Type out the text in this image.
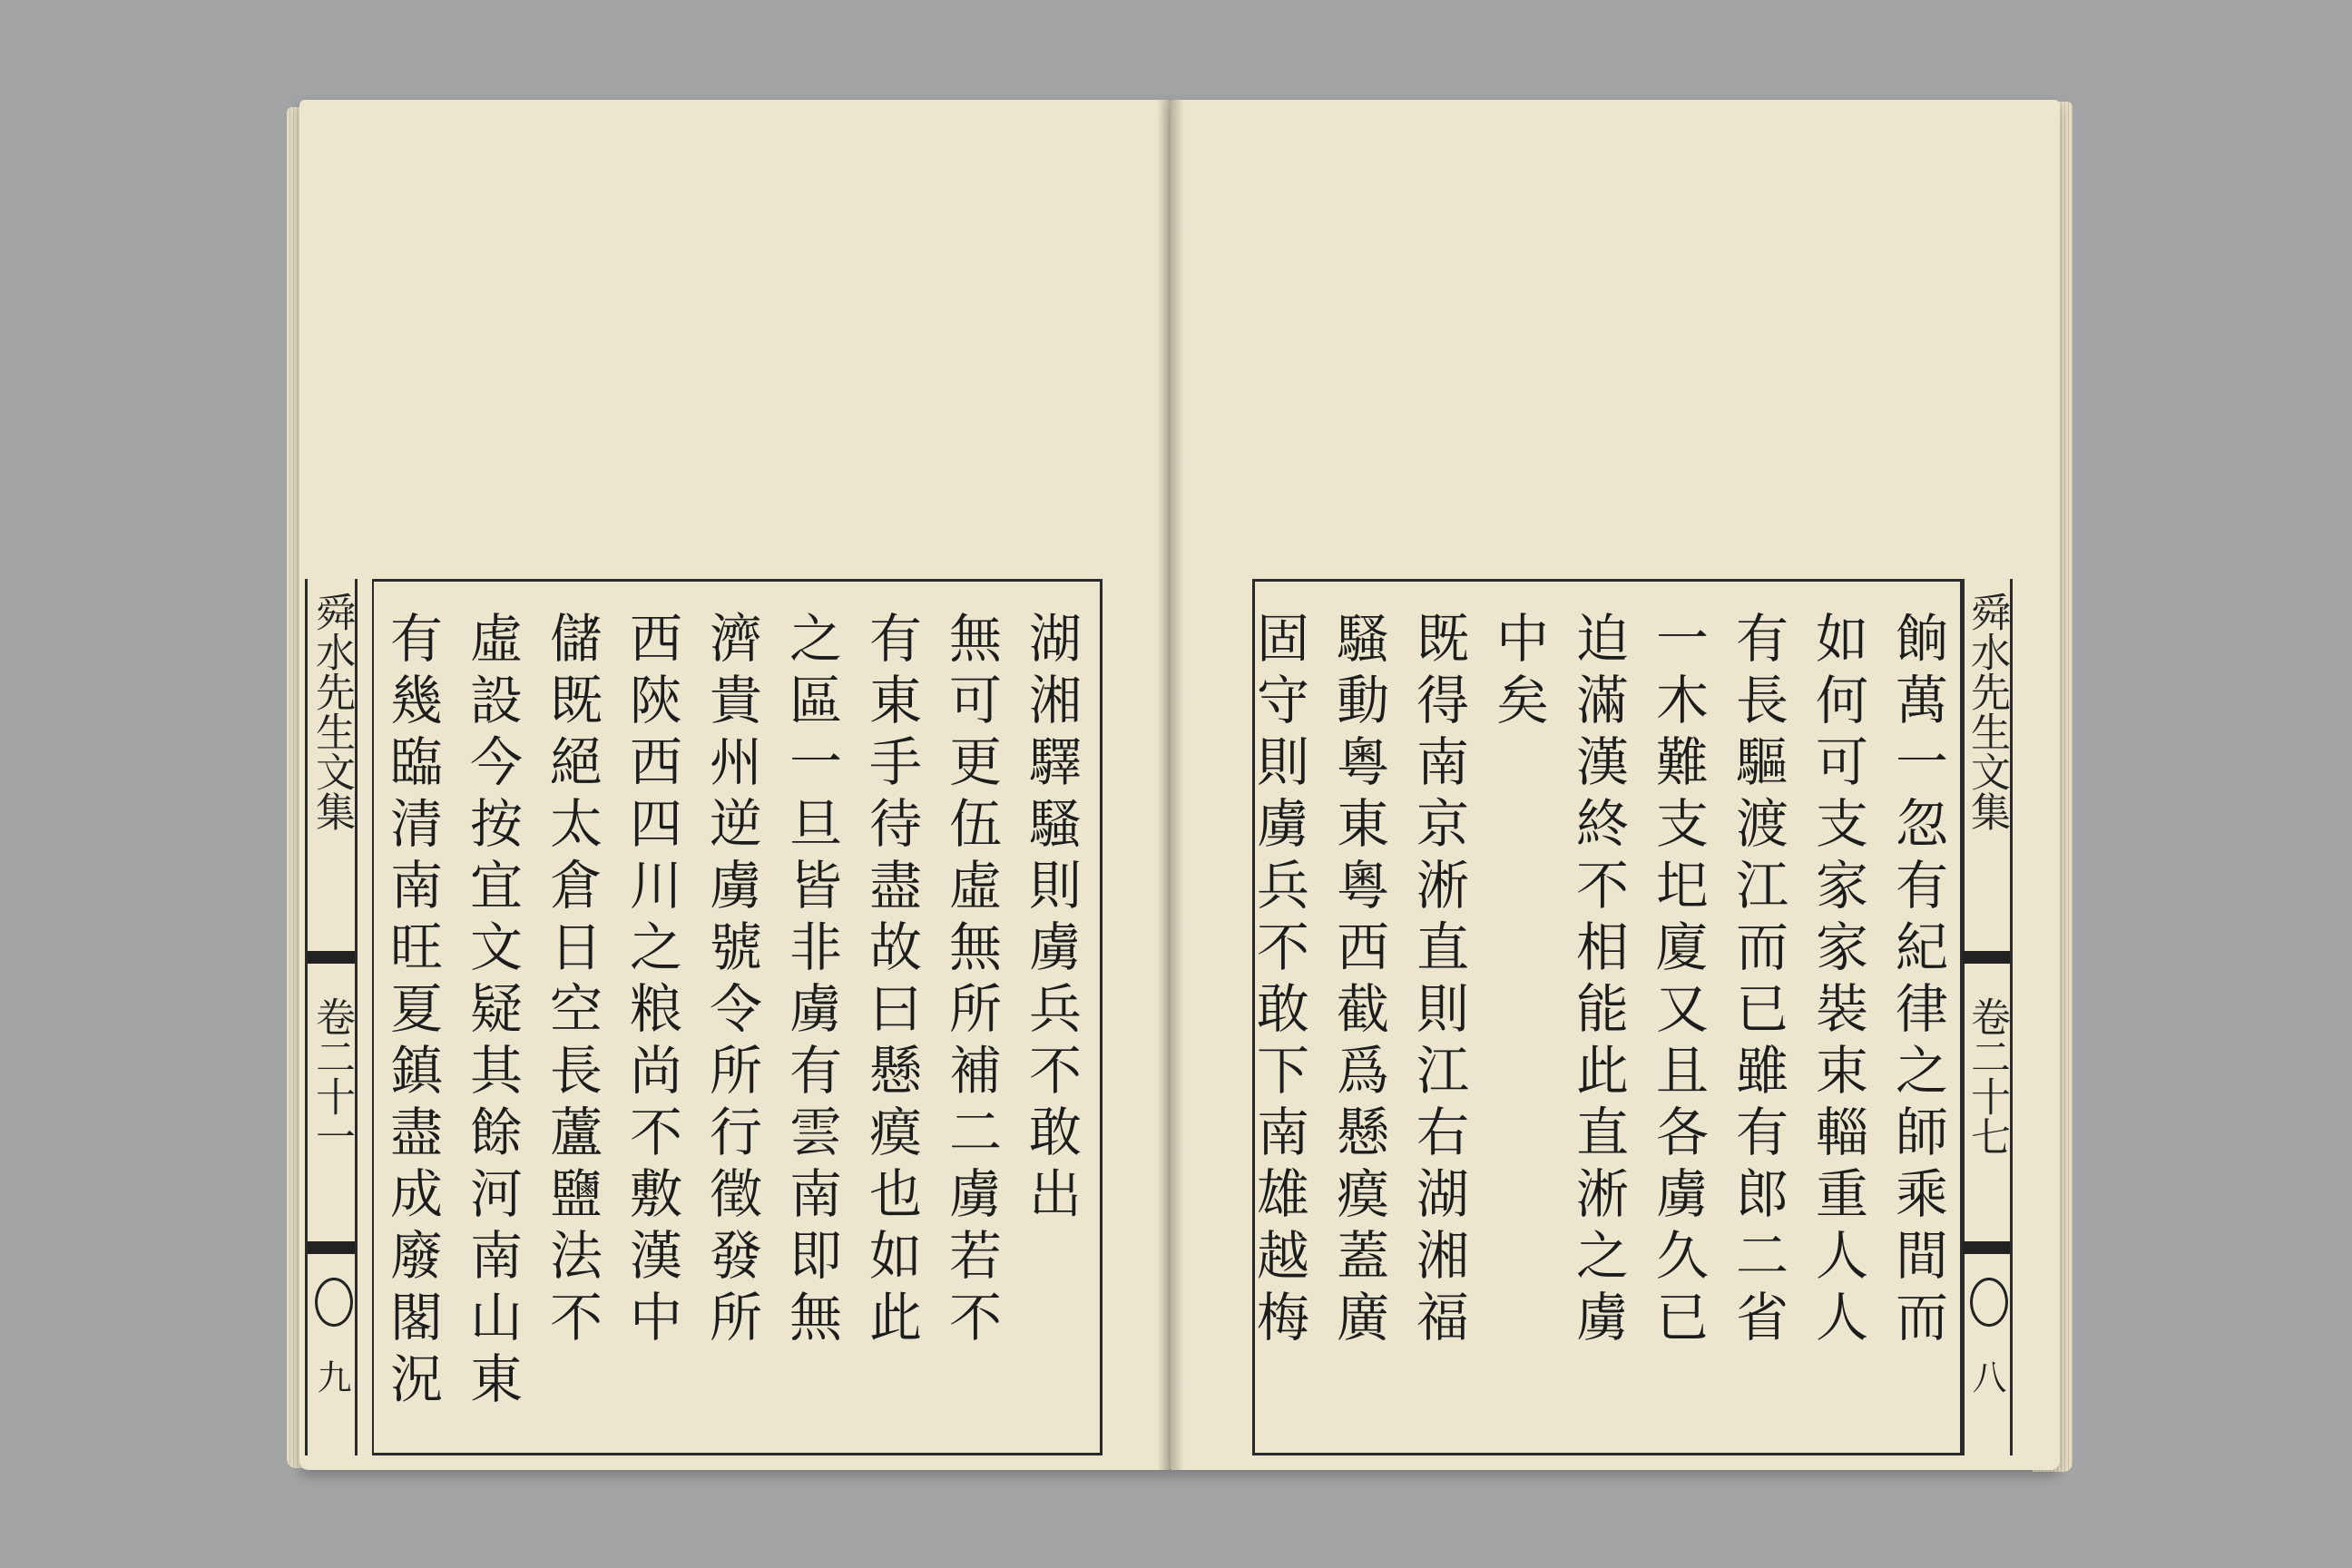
舜水先生文集
卷二十一
九
湖湘驛騷則虜兵不敢出
無可更伍虛無所補二虜若不
有東手待盡故曰懸瘼也如此
之區一旦皆非虜有雲南即無
濟貴州逆虜號令所行徵發所
西陝西四川之粮尚不敷漢中
儲既絕太倉日空長蘆鹽法不
虛設今按宜文疑其餘河南山東
有幾臨清南旺夏鎮盡成廢閣況	餉萬一忽有紀律之師乘間而
如何可支家家裝束輜重人人
有長驅渡江而已雖有郎二省
一木難支圯廈又且各虜久已
迫滿漢終不相能此直淅之虜
中矣
既得南京淅直則江右湖湘福
騷動粵東粵西截爲懸瘼蓋廣
固守則虜兵不敢下南雄越梅	舜水先生文集
卷二十七
八
